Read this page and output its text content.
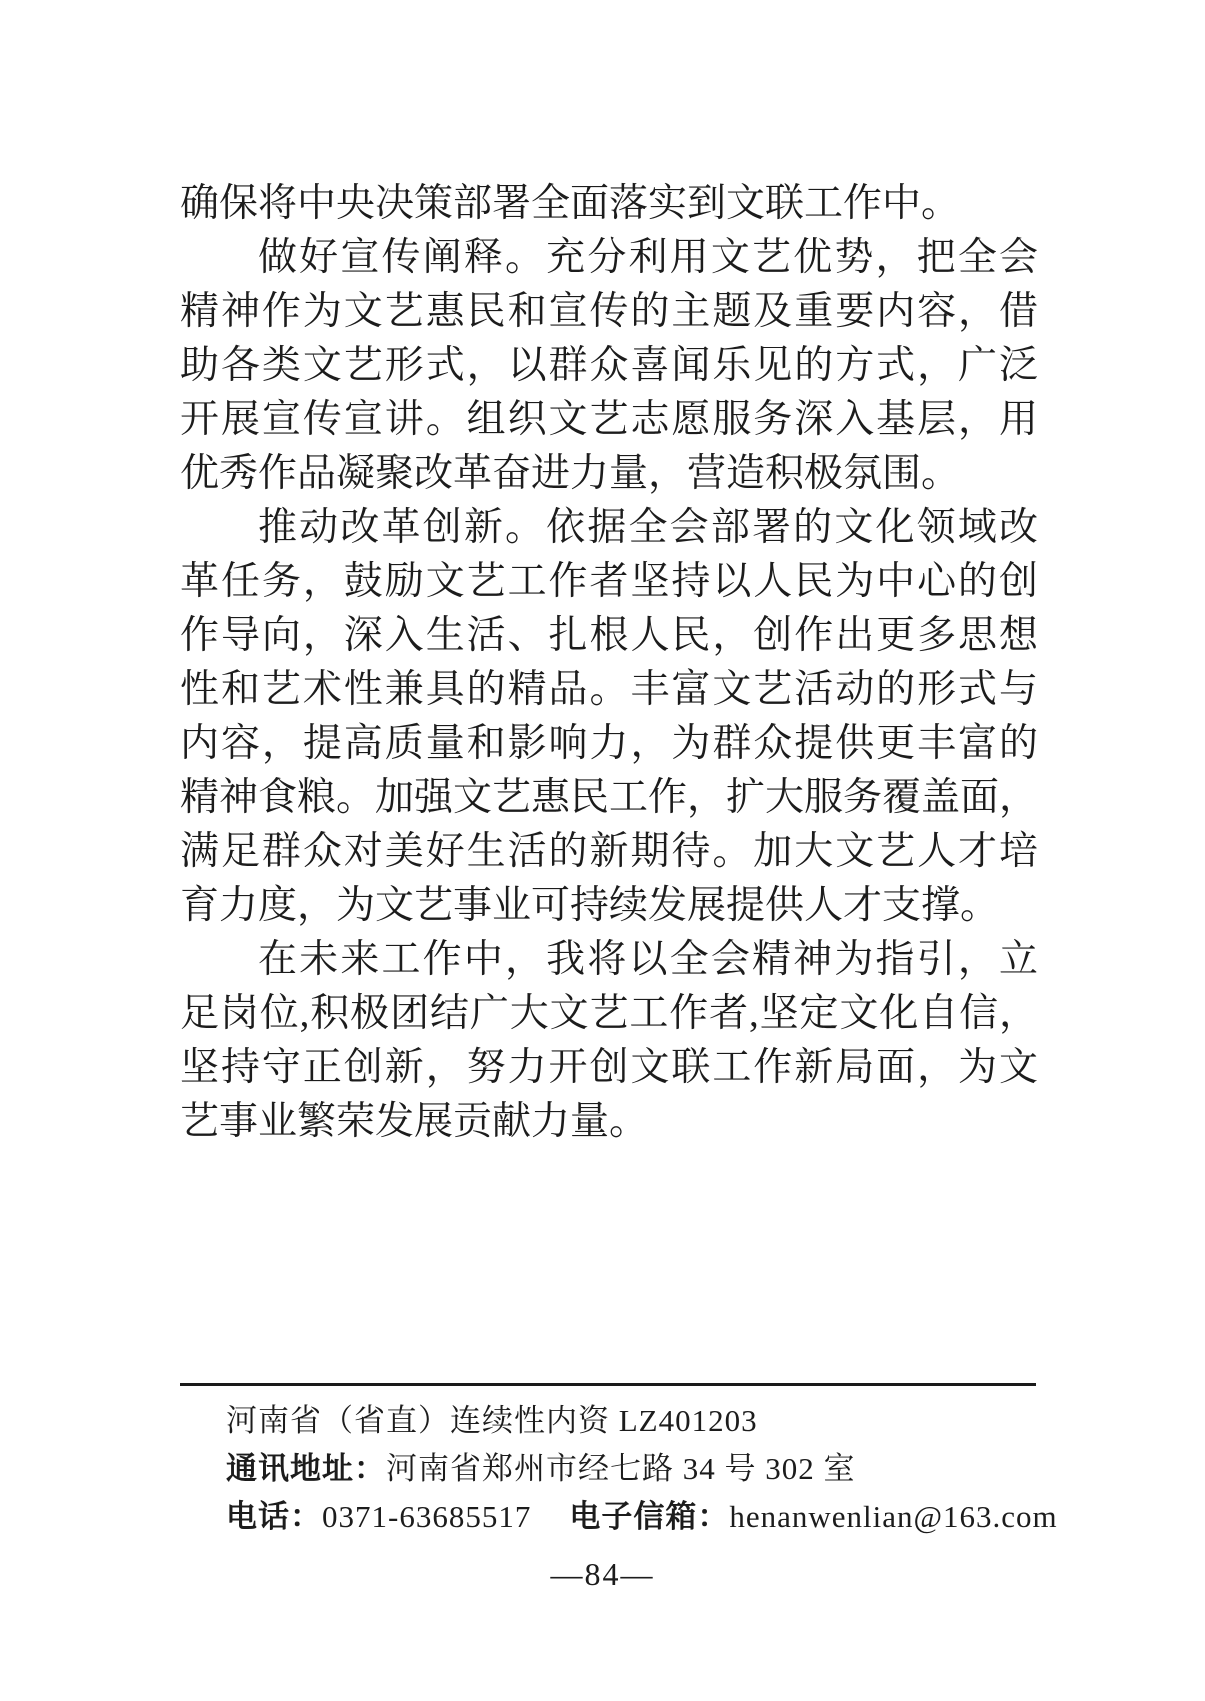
确保将中央决策部署全面落实到文联工作中。
做好宣传阐释。充分利用文艺优势，把全会
精神作为文艺惠民和宣传的主题及重要内容，借
助各类文艺形式，以群众喜闻乐见的方式，广泛
开展宣传宣讲。组织文艺志愿服务深入基层，用
优秀作品凝聚改革奋进力量，营造积极氛围。
推动改革创新。依据全会部署的文化领域改
革任务，鼓励文艺工作者坚持以人民为中心的创
作导向，深入生活、扎根人民，创作出更多思想
性和艺术性兼具的精品。丰富文艺活动的形式与
内容，提高质量和影响力，为群众提供更丰富的
精神食粮。加强文艺惠民工作，扩大服务覆盖面，
满足群众对美好生活的新期待。加大文艺人才培
育力度，为文艺事业可持续发展提供人才支撑。
在未来工作中，我将以全会精神为指引，立
足岗位,积极团结广大文艺工作者,坚定文化自信，
坚持守正创新，努力开创文联工作新局面，为文
艺事业繁荣发展贡献力量。
河南省（省直）连续性内资 LZ401203
通讯地址：河南省郑州市经七路 34 号 302 室
电话：0371-63685517 电子信箱：henanwenlian@163.com
—84—
